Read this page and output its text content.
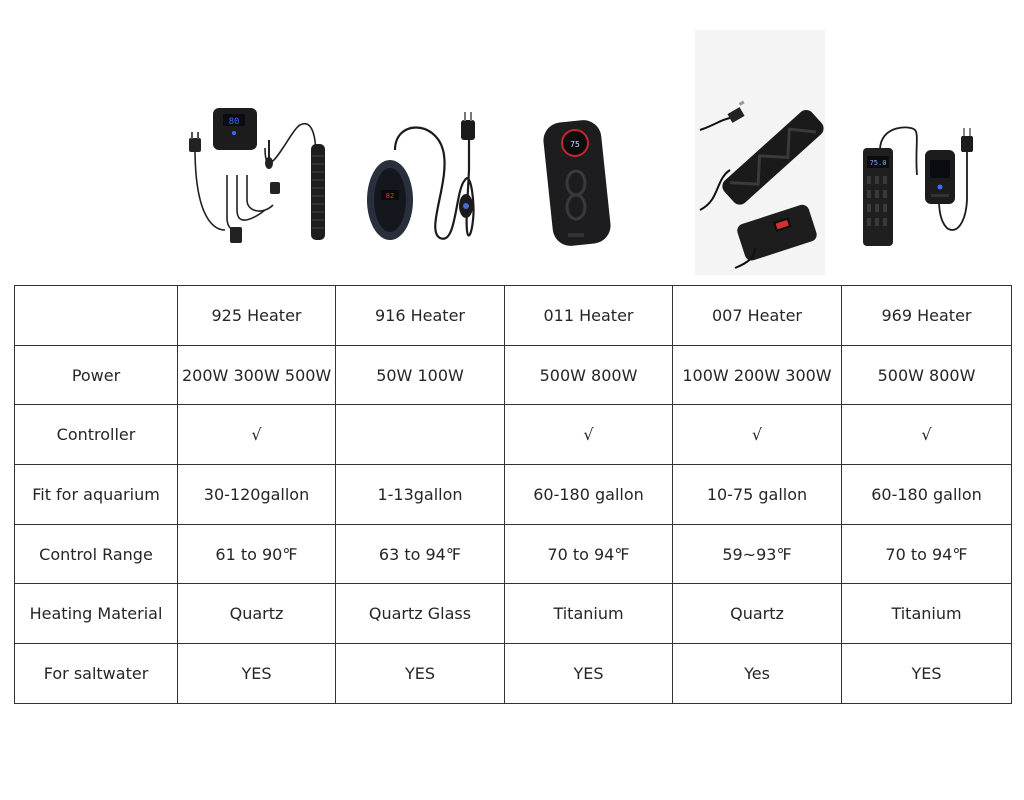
80
82
75
75.0
	925 Heater	916 Heater	011 Heater	007 Heater	969 Heater
Power	200W 300W 500W	50W 100W	500W 800W	100W 200W 300W	500W 800W
Controller	√		√	√	√
Fit for aquarium	30-120gallon	1-13gallon	60-180 gallon	10-75 gallon	60-180 gallon
Control Range	61 to 90℉	63 to 94℉	70 to 94℉	59~93℉	70 to 94℉
Heating Material	Quartz	Quartz Glass	Titanium	Quartz	Titanium
For saltwater	YES	YES	YES	Yes	YES
